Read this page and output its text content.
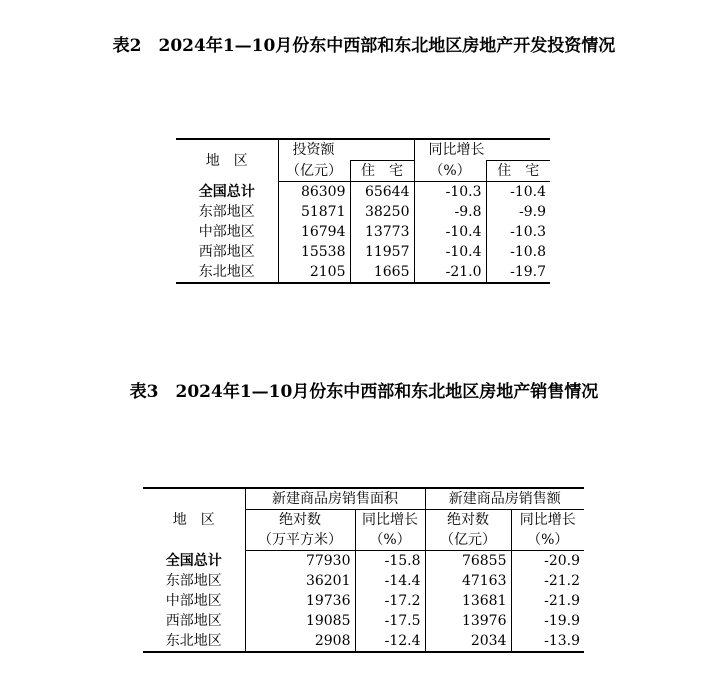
表2　2024年1—10月份东中西部和东北地区房地产开发投资情况
地　区	投资额		同比增长	
	（亿元）	住　宅	（%）	住　宅
全国总计	86309	65644	-10.3	-10.4
东部地区	51871	38250	-9.8	-9.9
中部地区	16794	13773	-10.4	-10.3
西部地区	15538	11957	-10.4	-10.8
东北地区	2105	1665	-21.0	-19.7
表3　2024年1—10月份东中西部和东北地区房地产销售情况
地　区	新建商品房销售面积		新建商品房销售额	
	绝对数	同比增长	绝对数	同比增长
	（万平方米）	（%）	（亿元）	（%）
全国总计	77930	-15.8	76855	-20.9
东部地区	36201	-14.4	47163	-21.2
中部地区	19736	-17.2	13681	-21.9
西部地区	19085	-17.5	13976	-19.9
东北地区	2908	-12.4	2034	-13.9
